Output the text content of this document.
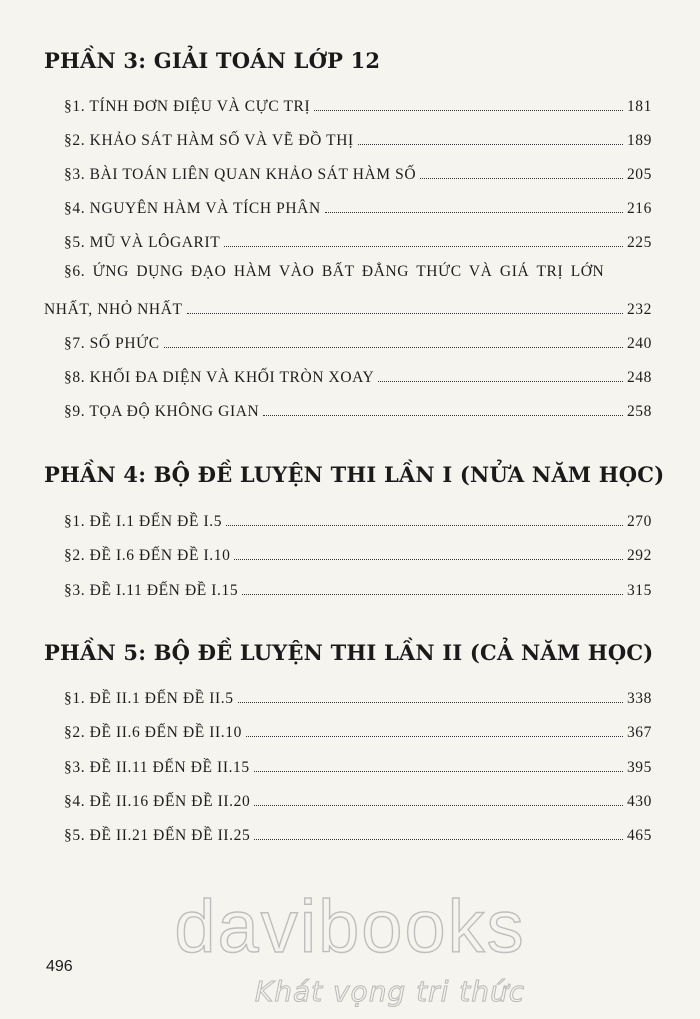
PHẦN 3: GIẢI TOÁN LỚP 12
§1. TÍNH ĐƠN ĐIỆU VÀ CỰC TRỊ	181
§2. KHẢO SÁT HÀM SỐ VÀ VẼ ĐỒ THỊ	189
§3. BÀI TOÁN LIÊN QUAN KHẢO SÁT HÀM SỐ	205
§4. NGUYÊN HÀM VÀ TÍCH PHÂN	216
§5. MŨ VÀ LÔGARIT	225
§6. ỨNG DỤNG ĐẠO HÀM VÀO BẤT ĐẲNG THỨC VÀ GIÁ TRỊ LỚN
NHẤT, NHỎ NHẤT	232
§7. SỐ PHỨC	240
§8. KHỐI ĐA DIỆN VÀ KHỐI TRÒN XOAY	248
§9. TỌA ĐỘ KHÔNG GIAN	258
PHẦN 4: BỘ ĐỀ LUYỆN THI LẦN I (NỬA NĂM HỌC)
§1. ĐỀ I.1 ĐẾN ĐỀ I.5	270
§2. ĐỀ I.6 ĐẾN ĐỀ I.10	292
§3. ĐỀ I.11 ĐẾN ĐỀ I.15	315
PHẦN 5: BỘ ĐỀ LUYỆN THI LẦN II (CẢ NĂM HỌC)
§1. ĐỀ II.1 ĐẾN ĐỀ II.5	338
§2. ĐỀ II.6 ĐẾN ĐỀ II.10	367
§3. ĐỀ II.11 ĐẾN ĐỀ II.15	395
§4. ĐỀ II.16 ĐẾN ĐỀ II.20	430
§5. ĐỀ II.21 ĐẾN ĐỀ II.25	465
davibooks
Khát vọng tri thức
496
